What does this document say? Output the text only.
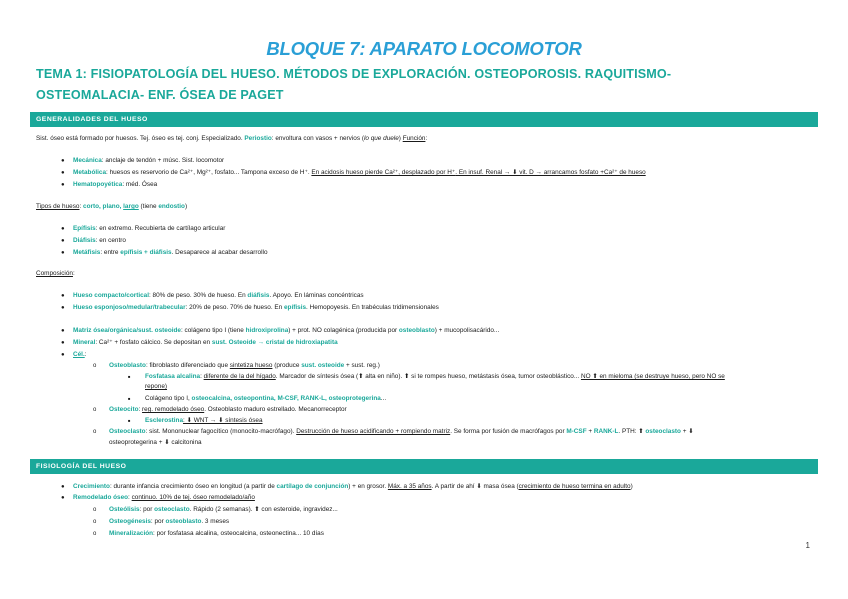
BLOQUE 7: APARATO LOCOMOTOR
TEMA 1: FISIOPATOLOGÍA DEL HUESO. MÉTODOS DE EXPLORACIÓN. OSTEOPOROSIS. RAQUITISMO-
OSTEOMALACIA- ENF. ÓSEA DE PAGET
GENERALIDADES DEL HUESO
Sist. óseo está formado por huesos. Tej. óseo es tej. conj. Especializado. Periostio: envoltura con vasos + nervios (lo que duele) Función:
● Mecánica: anclaje de tendón + músc. Sist. locomotor
● Metabólica: huesos es reservorio de Ca²⁺, Mg²⁺, fosfato... Tampona exceso de H⁺. En acidosis hueso pierde Ca²⁺, desplazado por H⁺. En insuf. Renal → ⬇ vit. D → arrancamos fosfato +Ca²⁺ de hueso
● Hematopoyética: méd. Ósea
Tipos de hueso: corto, plano, largo (tiene endostio)
● Epífisis: en extremo. Recubierta de cartílago articular
● Diáfisis: en centro
● Metáfisis: entre epífisis + diáfisis. Desaparece al acabar desarrollo
Composición:
● Hueso compacto/cortical: 80% de peso. 30% de hueso. En diáfisis. Apoyo. En láminas concéntricas
● Hueso esponjoso/medular/trabecular: 20% de peso. 70% de hueso. En epífisis. Hemopoyesis. En trabéculas tridimensionales
● Matriz ósea/orgánica/sust. osteoide: colágeno tipo I (tiene hidroxiprolina) + prot. NO colagénica (producida por osteoblasto) + mucopolisacárido...
● Mineral: Ca²⁺ + fosfato cálcico. Se depositan en sust. Osteoide → cristal de hidroxiapatita
● Cél.:
o Osteoblasto: fibroblasto diferenciado que sintetiza hueso (produce sust. osteoide + sust. reg.)
■ Fosfatasa alcalina: diferente de la del hígado. Marcador de síntesis ósea (⬆ alta en niño). ⬆ si te rompes hueso, metástasis ósea, tumor osteoblástico... NO ⬆ en mieloma (se destruye hueso, pero NO se
repone)
■ Colágeno tipo I, osteocalcina, osteopontina, M-CSF, RANK-L, osteoprotegerina...
o Osteocito: reg. remodelado óseo. Osteoblasto maduro estrellado. Mecanorreceptor
■ Esclerostina: ⬇ WNT → ⬇ síntesis ósea
o Osteoclasto: sist. Mononuclear fagocítico (monocito-macrófago). Destrucción de hueso acidificando + rompiendo matriz. Se forma por fusión de macrófagos por M-CSF + RANK-L. PTH: ⬆ osteoclasto + ⬇
osteoprotegerina + ⬇ calcitonina
FISIOLOGÍA DEL HUESO
● Crecimiento: durante infancia crecimiento óseo en longitud (a partir de cartílago de conjunción) + en grosor. Máx. a 35 años. A partir de ahí ⬇ masa ósea (crecimiento de hueso termina en adulto)
● Remodelado óseo: continuo. 10% de tej. óseo remodelado/año
o Osteólisis: por osteoclasto. Rápido (2 semanas). ⬆ con esteroide, ingravidez...
o Osteogénesis: por osteoblasto. 3 meses
o Mineralización: por fosfatasa alcalina, osteocalcina, osteonectina... 10 días
1
